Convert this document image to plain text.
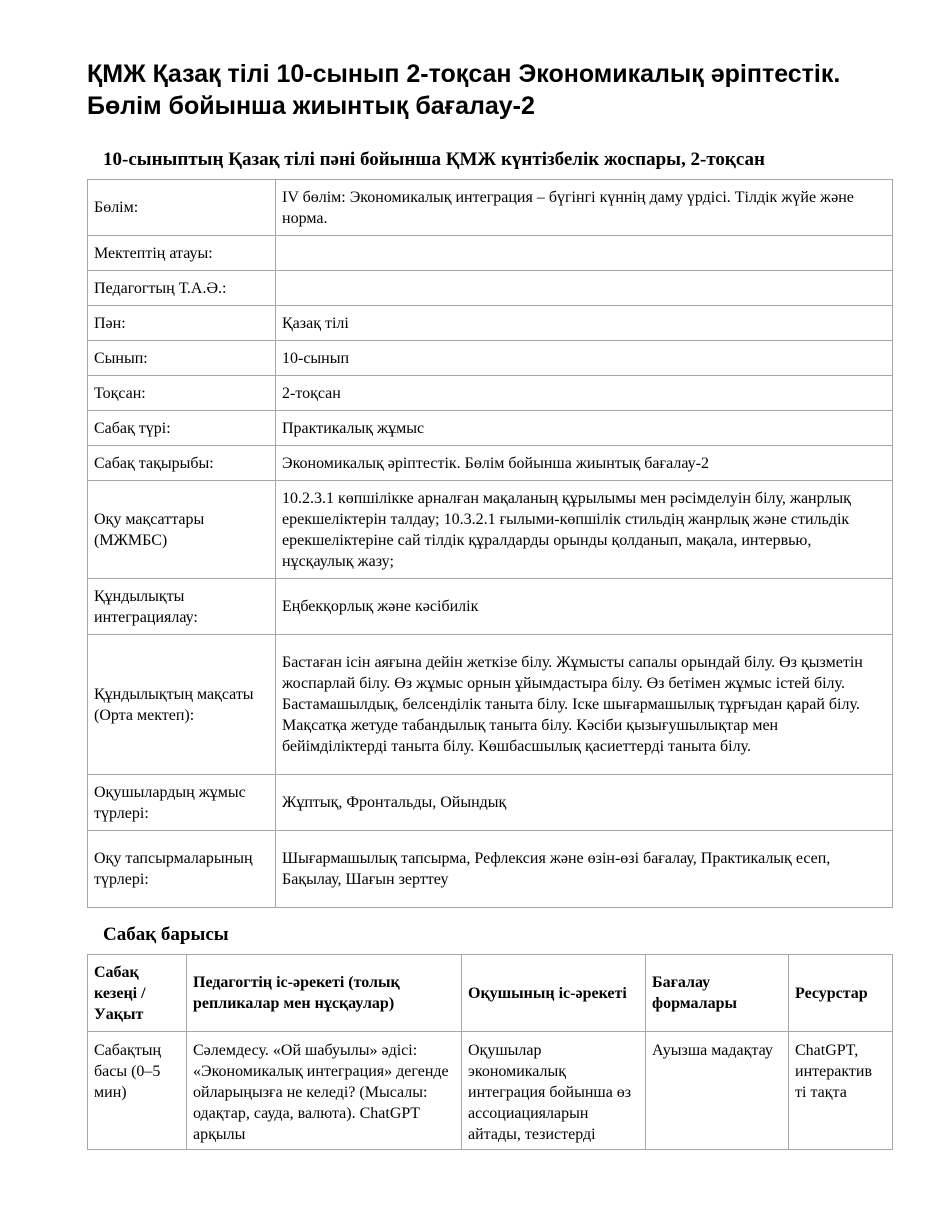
ҚМЖ Қазақ тілі 10-сынып 2-тоқсан Экономикалық әріптестік. Бөлім бойынша жиынтық бағалау-2
10-сыныптың Қазақ тілі пәні бойынша ҚМЖ күнтізбелік жоспары, 2-тоқсан
Бөлім:	IV бөлім: Экономикалық интеграция – бүгінгі күннің даму үрдісі. Тілдік жүйе және норма.
Мектептің атауы:	
Педагогтың Т.А.Ә.:	
Пән:	Қазақ тілі
Сынып:	10-сынып
Тоқсан:	2-тоқсан
Сабақ түрі:	Практикалық жұмыс
Сабақ тақырыбы:	Экономикалық әріптестік. Бөлім бойынша жиынтық бағалау-2
Оқу мақсаттары (МЖМБС)	10.2.3.1 көпшілікке арналған мақаланың құрылымы мен рәсімделуін білу, жанрлық ерекшеліктерін талдау; 10.3.2.1 ғылыми-көпшілік стильдің жанрлық және стильдік ерекшеліктеріне сай тілдік құралдарды орынды қолданып, мақала, интервью, нұсқаулық жазу;
Құндылықты интеграциялау:	Еңбекқорлық және кәсібилік
Құндылықтың мақсаты (Орта мектеп):	Бастаған ісін аяғына дейін жеткізе білу. Жұмысты сапалы орындай білу. Өз қызметін жоспарлай білу. Өз жұмыс орнын ұйымдастыра білу. Өз бетімен жұмыс істей білу. Бастамашылдық, белсенділік таныта білу. Іске шығармашылық тұрғыдан қарай білу. Мақсатқа жетуде табандылық таныта білу. Кәсіби қызығушылықтар мен бейімділіктерді таныта білу. Көшбасшылық қасиеттерді таныта білу.
Оқушылардың жұмыс түрлері:	Жұптық, Фронтальды, Ойындық
Оқу тапсырмаларының түрлері:	Шығармашылық тапсырма, Рефлексия және өзін-өзі бағалау, Практикалық есеп, Бақылау, Шағын зерттеу
Сабақ барысы
Сабақ кезеңі / Уақыт	Педагогтің іс-әрекеті (толық репликалар мен нұсқаулар)	Оқушының іс-әрекеті	Бағалау формалары	Ресурстар
Сабақтың басы (0–5 мин)	Сәлемдесу. «Ой шабуылы» әдісі: «Экономикалық интеграция» дегенде ойларыңызға не келеді? (Мысалы: одақтар, сауда, валюта). ChatGPT арқылы	Оқушылар экономикалық интеграция бойынша өз ассоциацияларын айтады, тезистерді	Ауызша мадақтау	ChatGPT, интерактив ті тақта
